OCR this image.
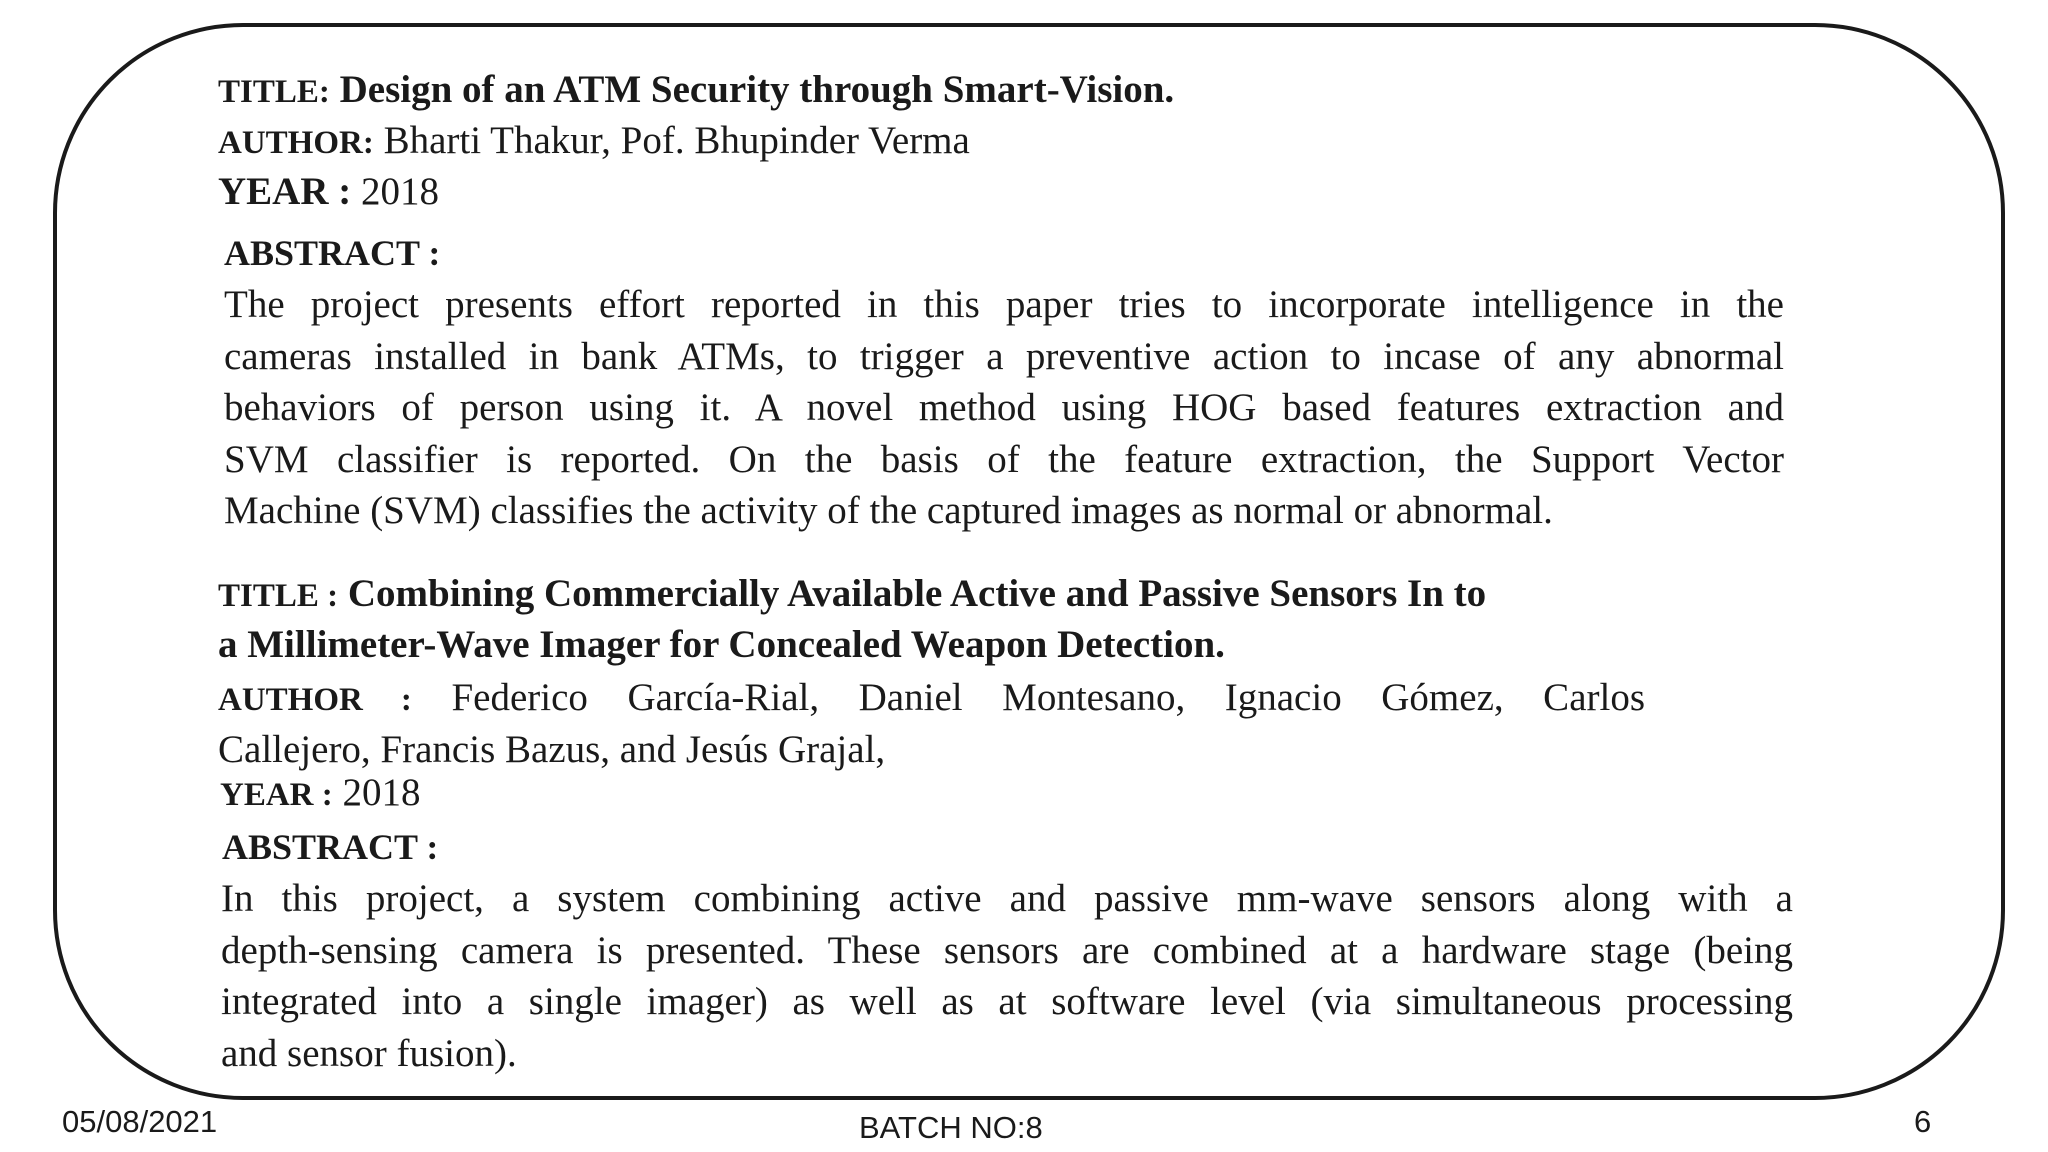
TITLE: Design of an ATM Security through Smart-Vision.
AUTHOR: Bharti Thakur, Pof. Bhupinder Verma
YEAR : 2018
ABSTRACT :
The project presents effort reported in this paper tries to incorporate intelligence in the
cameras installed in bank ATMs, to trigger a preventive action to incase of any abnormal
behaviors of person using it. A novel method using HOG based features extraction and
SVM classifier is reported. On the basis of the feature extraction, the Support Vector
Machine (SVM) classifies the activity of the captured images as normal or abnormal.
TITLE : Combining Commercially Available Active and Passive Sensors In to
a Millimeter-Wave Imager for Concealed Weapon Detection.
AUTHOR : Federico García-Rial, Daniel Montesano, Ignacio Gómez, Carlos
Callejero, Francis Bazus, and Jesús Grajal,
YEAR : 2018
ABSTRACT :
In this project, a system combining active and passive mm-wave sensors along with a
depth-sensing camera is presented. These sensors are combined at a hardware stage (being
integrated into a single imager) as well as at software level (via simultaneous processing
and sensor fusion).
05/08/2021	BATCH NO:8	6
